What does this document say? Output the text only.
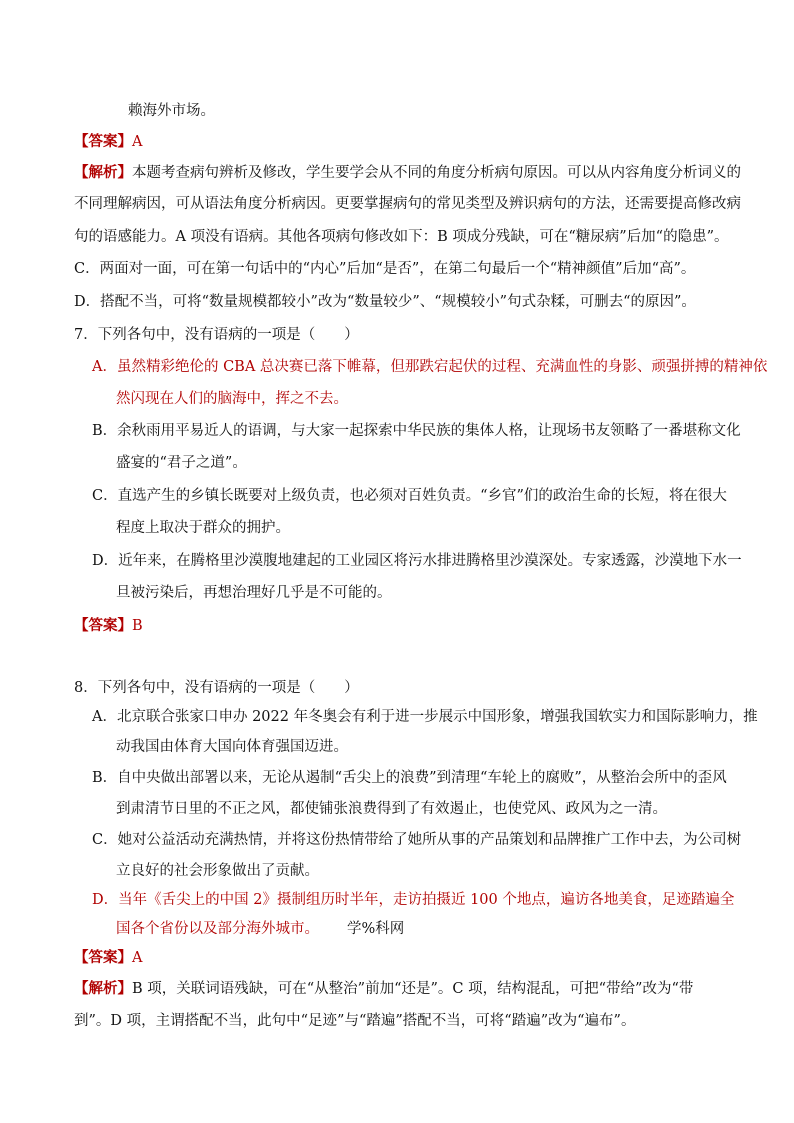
赖海外市场。
【答案】A
【解析】本题考查病句辨析及修改，学生要学会从不同的角度分析病句原因。可以从内容角度分析词义的
不同理解病因，可从语法角度分析病因。更要掌握病句的常见类型及辨识病句的方法，还需要提高修改病
句的语感能力。A 项没有语病。其他各项病句修改如下：B 项成分残缺，可在“糖尿病”后加“的隐患”。
C．两面对一面，可在第一句话中的“内心”后加“是否”，在第二句最后一个“精神颜值”后加“高”。
D．搭配不当，可将“数量规模都较小”改为“数量较少”、“规模较小”句式杂糅，可删去“的原因”。
7．下列各句中，没有语病的一项是（　　）
A．虽然精彩绝伦的 CBA 总决赛已落下帷幕，但那跌宕起伏的过程、充满血性的身影、顽强拼搏的精神依
然闪现在人们的脑海中，挥之不去。
B．余秋雨用平易近人的语调，与大家一起探索中华民族的集体人格，让现场书友领略了一番堪称文化
盛宴的“君子之道”。
C．直选产生的乡镇长既要对上级负责，也必须对百姓负责。“乡官”们的政治生命的长短，将在很大
程度上取决于群众的拥护。
D．近年来，在腾格里沙漠腹地建起的工业园区将污水排进腾格里沙漠深处。专家透露，沙漠地下水一
旦被污染后，再想治理好几乎是不可能的。
【答案】B
8．下列各句中，没有语病的一项是（　　）
A．北京联合张家口申办 2022 年冬奥会有利于进一步展示中国形象，增强我国软实力和国际影响力，推
动我国由体育大国向体育强国迈进。
B．自中央做出部署以来，无论从遏制“舌尖上的浪费”到清理“车轮上的腐败”，从整治会所中的歪风
到肃清节日里的不正之风，都使铺张浪费得到了有效遏止，也使党风、政风为之一清。
C．她对公益活动充满热情，并将这份热情带给了她所从事的产品策划和品牌推广工作中去，为公司树
立良好的社会形象做出了贡献。
D．当年《舌尖上的中国 2》摄制组历时半年，走访拍摄近 100 个地点，遍访各地美食，足迹踏遍全
国各个省份以及部分海外城市。 学%科网
【答案】A
【解析】B 项，关联词语残缺，可在“从整治”前加“还是”。C 项，结构混乱，可把“带给”改为“带
到”。D 项，主谓搭配不当，此句中“足迹”与“踏遍”搭配不当，可将“踏遍”改为“遍布”。
